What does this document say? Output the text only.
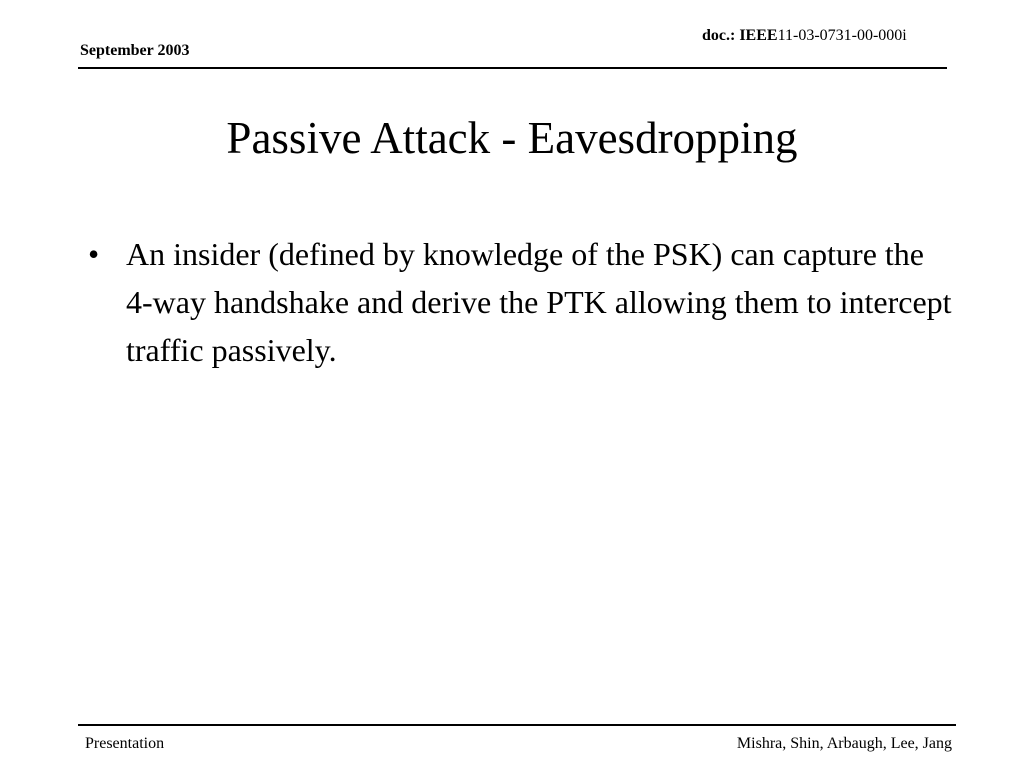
September 2003
doc.: IEEE11-03-0731-00-000i
Passive Attack - Eavesdropping
• An insider (defined by knowledge of the PSK) can capture the 4-way handshake and derive the PTK allowing them to intercept traffic passively.
Presentation	Mishra, Shin, Arbaugh, Lee, Jang
